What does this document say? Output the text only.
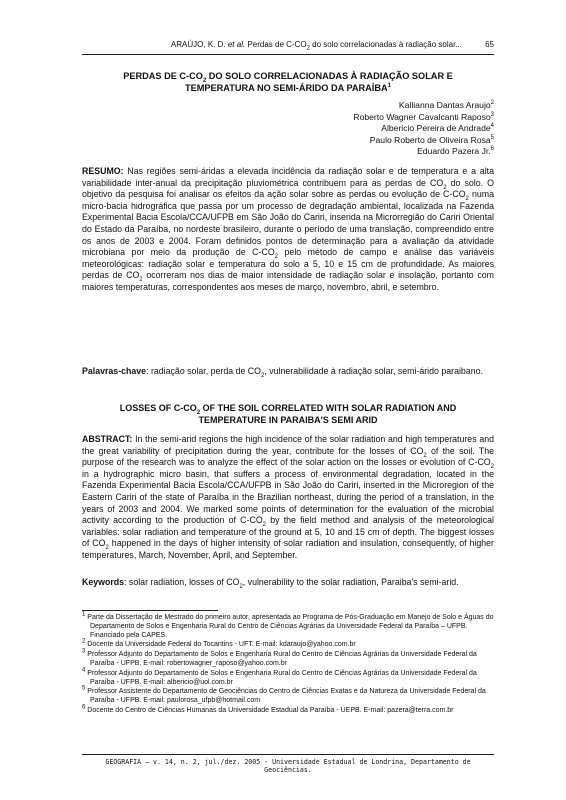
ARAÚJO, K. D. et al. Perdas de $C-CO_2$ do solo correlacionadas à radiação solar...	65
PERDAS DE $C-CO_2$ DO SOLO CORRELACIONADAS À RADIAÇÃO SOLAR E
TEMPERATURA NO SEMI-ÁRIDO DA PARAÍBA$^1$
Kallianna Dantas Araujo$^2$
Roberto Wagner Cavalcanti Raposo$^3$
Albericio Pereira de Andrade$^4$
Paulo Roberto de Oliveira Rosa$^5$
Eduardo Pazera Jr.$^6$
RESUMO: Nas regiões semi-áridas a elevada incidência da radiação solar e de temperatura e a alta variabilidade inter-anual da precipitação pluviométrica contribuem para as perdas de $CO_2$ do solo. O objetivo da pesquisa foi analisar os efeitos da ação solar sobre as perdas ou evolução de $C-CO_2$ numa micro-bacia hidrográfica que passa por um processo de degradação ambiental, localizada na Fazenda Experimental Bacia Escola/CCA/UFPB em São João do Cariri, inserida na Microrregião do Cariri Oriental do Estado da Paraíba, no nordeste brasileiro, durante o período de uma translação, compreendido entre os anos de 2003 e 2004. Foram definidos pontos de determinação para a avaliação da atividade microbiana por meio da produção de $C-CO_2$ pelo método de campo e análise das variáveis meteorológicas: radiação solar e temperatura do solo a 5, 10 e 15 cm de profundidade. As maiores perdas de $CO_2$ ocorreram nos dias de maior intensidade de radiação solar e insolação, portanto com maiores temperaturas, correspondentes aos meses de março, novembro, abril, e setembro.
Palavras-chave: radiação solar, perda de $CO_2$, vulnerabilidade à radiação solar, semi-árido paraibano.
LOSSES OF $C-CO_2$ OF THE SOIL CORRELATED WITH SOLAR RADIATION AND
TEMPERATURE IN PARAIBA'S SEMI ARID
ABSTRACT: In the semi-arid regions the high incidence of the solar radiation and high temperatures and the great variability of precipitation during the year, contribute for the losses of $CO_2$ of the soil. The purpose of the research was to analyze the effect of the solar action on the losses or evolution of $C-CO_2$ in a hydrographic micro basin, that suffers a process of environmental degradation, located in the Fazenda Experimental Bacia Escola/CCA/UFPB in São João do Cariri, inserted in the Microregion of the Eastern Cariri of the state of Paraíba in the Brazilian northeast, during the period of a translation, in the years of 2003 and 2004. We marked some points of determination for the evaluation of the microbial activity according to the production of $C-CO_2$ by the field method and analysis of the meteorological variables: solar radiation and temperature of the ground at 5, 10 and 15 cm of depth. The biggest losses of $CO_2$ happened in the days of higher intensity of solar radiation and insulation, consequently, of higher temperatures, March, November, April, and September.
Keywords: solar radiation, losses of $CO_2$, vulnerability to the solar radiation, Paraiba's semi-arid.
$^1$ Parte da Dissertação de Mestrado do primeiro autor, apresentada ao Programa de Pós-Graduação em Manejo de Solo e Águas do Departamento de Solos e Engenharia Rural do Centro de Ciências Agrárias da Universidade Federal da Paraíba – UFPB. Financiado pela CAPES.
$^2$ Docente da Universidade Federal do Tocantins - UFT. E-mail: kdaraujo@yahoo.com.br
$^3$ Professor Adjunto do Departamento de Solos e Engenharia Rural do Centro de Ciências Agrárias da Universidade Federal da Paraíba - UFPB. E-mail: robertowagner_raposo@yahoo.com.br
$^4$ Professor Adjunto do Departamento de Solos e Engenharia Rural do Centro de Ciências Agrárias da Universidade Federal da Paraíba - UFPB. E-mail: albericio@uol.com.br
$^5$ Professor Assistente do Departamento de Geociências do Centro de Ciências Exatas e da Natureza da Universidade Federal da Paraíba - UFPB. E-mail: paulorosa_ufpb@hotmail.com
$^6$ Docente do Centro de Ciências Humanas da Universidade Estadual da Paraíba - UEPB. E-mail: pazera@terra.com.br
GEOGRAFIA – v. 14, n. 2, jul./dez. 2005 - Universidade Estadual de Londrina, Departamento de Geociências.
